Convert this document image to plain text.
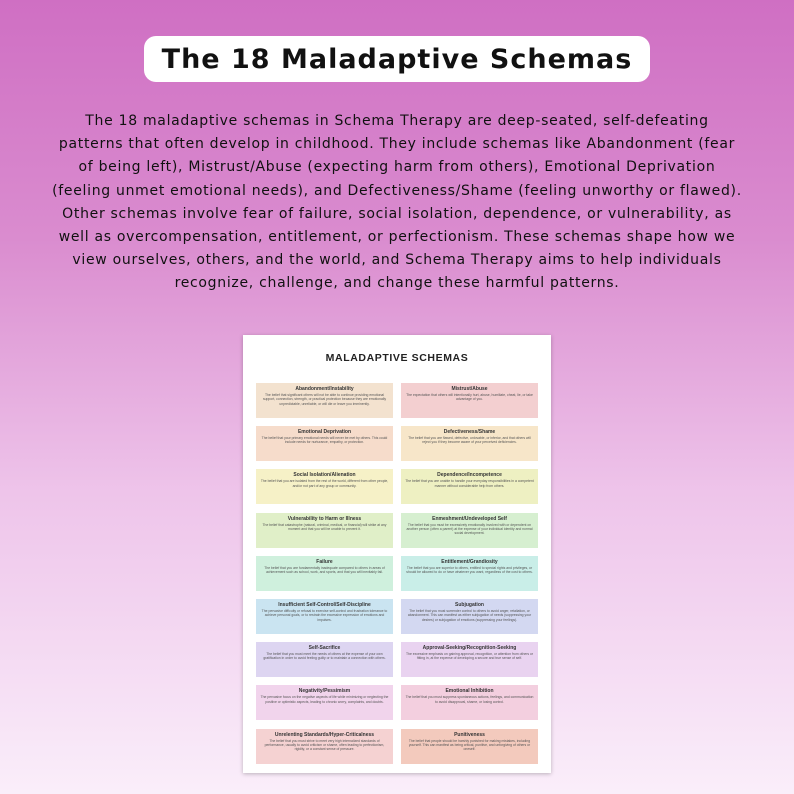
The 18 Maladaptive Schemas

The 18 maladaptive schemas in Schema Therapy are deep-seated, self-defeating patterns that often develop in childhood. They include schemas like Abandonment (fear of being left), Mistrust/Abuse (expecting harm from others), Emotional Deprivation (feeling unmet emotional needs), and Defectiveness/Shame (feeling unworthy or flawed). Other schemas involve fear of failure, social isolation, dependence, or vulnerability, as well as overcompensation, entitlement, or perfectionism. These schemas shape how we view ourselves, others, and the world, and Schema Therapy aims to help individuals recognize, challenge, and change these harmful patterns.

MALADAPTIVE SCHEMAS
Abandonment/Instability
The belief that significant others will not be able to continue providing emotional support, connection, strength, or practical protection because they are emotionally unpredictable, unreliable, or will die or leave you imminently.
Mistrust/Abuse
The expectation that others will intentionally hurt, abuse, humiliate, cheat, lie, or take advantage of you.
Emotional Deprivation
The belief that your primary emotional needs will never be met by others. This could include needs for nurturance, empathy, or protection.
Defectiveness/Shame
The belief that you are flawed, defective, unlovable, or inferior, and that others will reject you if they become aware of your perceived deficiencies.
Social Isolation/Alienation
The belief that you are isolated from the rest of the world, different from other people, and/or not part of any group or community.
Dependence/Incompetence
The belief that you are unable to handle your everyday responsibilities in a competent manner without considerable help from others.
Vulnerability to Harm or Illness
The belief that catastrophe (natural, criminal, medical, or financial) will strike at any moment and that you will be unable to prevent it.
Enmeshment/Undeveloped Self
The belief that you must be excessively emotionally involved with or dependent on another person (often a parent) at the expense of your individual identity and normal social development.
Failure
The belief that you are fundamentally inadequate compared to others in areas of achievement such as school, work, and sports, and that you will inevitably fail.
Entitlement/Grandiosity
The belief that you are superior to others, entitled to special rights and privileges, or should be allowed to do or have whatever you want, regardless of the cost to others.
Insufficient Self-Control/Self-Discipline
The pervasive difficulty or refusal to exercise self-control and frustration tolerance to achieve personal goals, or to restrain the excessive expression of emotions and impulses.
Subjugation
The belief that you must surrender control to others to avoid anger, retaliation, or abandonment. This can manifest as either subjugation of needs (suppressing your desires) or subjugation of emotions (suppressing your feelings).
Self-Sacrifice
The belief that you must meet the needs of others at the expense of your own gratification in order to avoid feeling guilty or to maintain a connection with others.
Approval-Seeking/Recognition-Seeking
The excessive emphasis on gaining approval, recognition, or attention from others or fitting in, at the expense of developing a secure and true sense of self.
Negativity/Pessimism
The pervasive focus on the negative aspects of life while minimizing or neglecting the positive or optimistic aspects, leading to chronic worry, complaints, and doubts.
Emotional Inhibition
The belief that you must suppress spontaneous actions, feelings, and communication to avoid disapproval, shame, or losing control.
Unrelenting Standards/Hyper-Criticalness
The belief that you must strive to meet very high internalized standards of performance, usually to avoid criticism or shame, often leading to perfectionism, rigidity, or a constant sense of pressure.
Punitiveness
The belief that people should be harshly punished for making mistakes, including yourself. This can manifest as being critical, punitive, and unforgiving of others or oneself.
